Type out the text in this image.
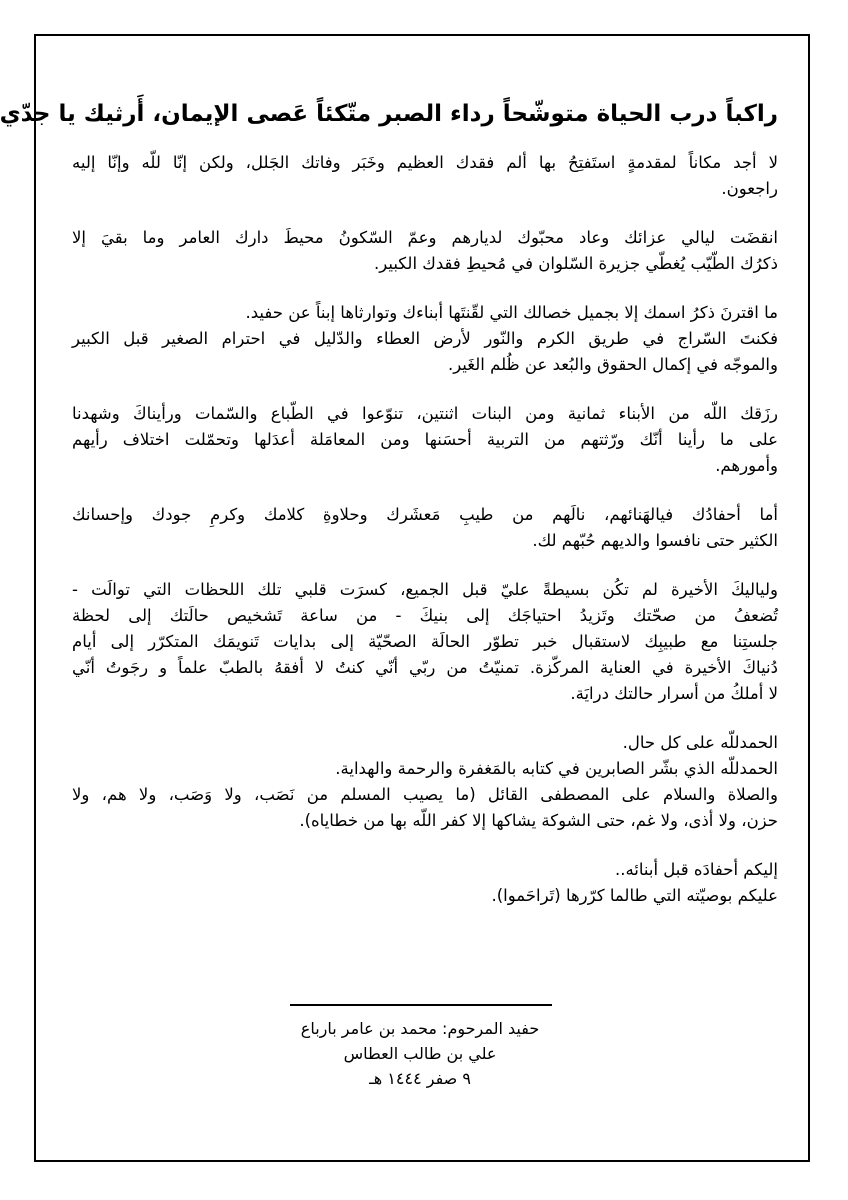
راكباً درب الحياة متوشّحاً رداء الصبر متّكئاً عَصى الإيمان، أَرثيك يا جدّي
لا أجد مكاناً لمقدمةٍ استَفتِحُ بها ألم فقدك العظيم وخَبَر وفاتك الجَلل، ولكن إنّا للّه وإنّا إليه
راجعون.
انقضَت ليالي عزائك وعاد محبّوك لديارهم وعمّ السّكونُ محيطَ دارك العامر وما بقيَ إلا
ذكرُك الطّيّب يُغطّي جزيرة السّلوان في مُحيطِ فقدك الكبير.
ما اقترنَ ذكرُ اسمك إلا بجميل خصالك التي لقّنتَها أبناءك وتوارثاها إبناً عن حفيد.
فكنتَ السّراج في طريق الكرم والنّور لأرض العطاء والدّليل في احترام الصغير قبل الكبير
والموجّه في إكمال الحقوق والبُعد عن ظُلم الغَير.
رزَقك اللّه من الأبناء ثمانية ومن البنات اثنتين، تنوّعوا في الطّباع والسّمات ورأيناكَ وشهدنا
على ما رأينا أنّك ورّثتهم من التربية أحسَنها ومن المعامَلة أعدَلها وتحمّلت اختلاف رأيهم
وأمورهم.
أما أحفادُك فيالهَنائهم، نالَهم من طيبِ مَعشَرك وحلاوةِ كلامك وكرمِ جودك وإحسانك
الكثير حتى نافسوا والديهم حُبّهم لك.
ولياليكَ الأخيرة لم تكُن بسيطةً عليّ قبل الجميع، كسرَت قلبي تلك اللحظات التي توالَت -
تُضعفُ من صحّتك وتَزيدُ احتياجَك إلى بنيكَ - من ساعة تَشخيص حالَتك إلى لحظة
جلستِنا مع طبيبِك لاستقبال خبر تطوّر الحالَة الصحّيّة إلى بدايات تَنويمَك المتكرّر إلى أيام
دُنياكَ الأخيرة في العناية المركّزة. تمنيّتُ من ربّي أنّي كنتُ لا أفقهُ بالطبّ علماً و رجَوتُ أنّي
لا أملكُ من أسرار حالتك درايَة.
الحمدللّه على كل حال.
الحمدللّه الذي بشّر الصابرين في كتابه بالمَغفرة والرحمة والهداية.
والصلاة والسلام على المصطفى القائل (ما يصيب المسلم من نَصَب، ولا وَصَب، ولا هم، ولا
حزن، ولا أذى، ولا غم، حتى الشوكة يشاكها إلا كفر اللّه بها من خطاياه).
إليكم أحفادَه قبل أبنائه..
عليكم بوصيّته التي طالما كرّرها (تَراحَموا).
حفيد المرحوم: محمد بن عامر بارباع
علي بن طالب العطاس
٩ صفر ١٤٤٤ هـ
